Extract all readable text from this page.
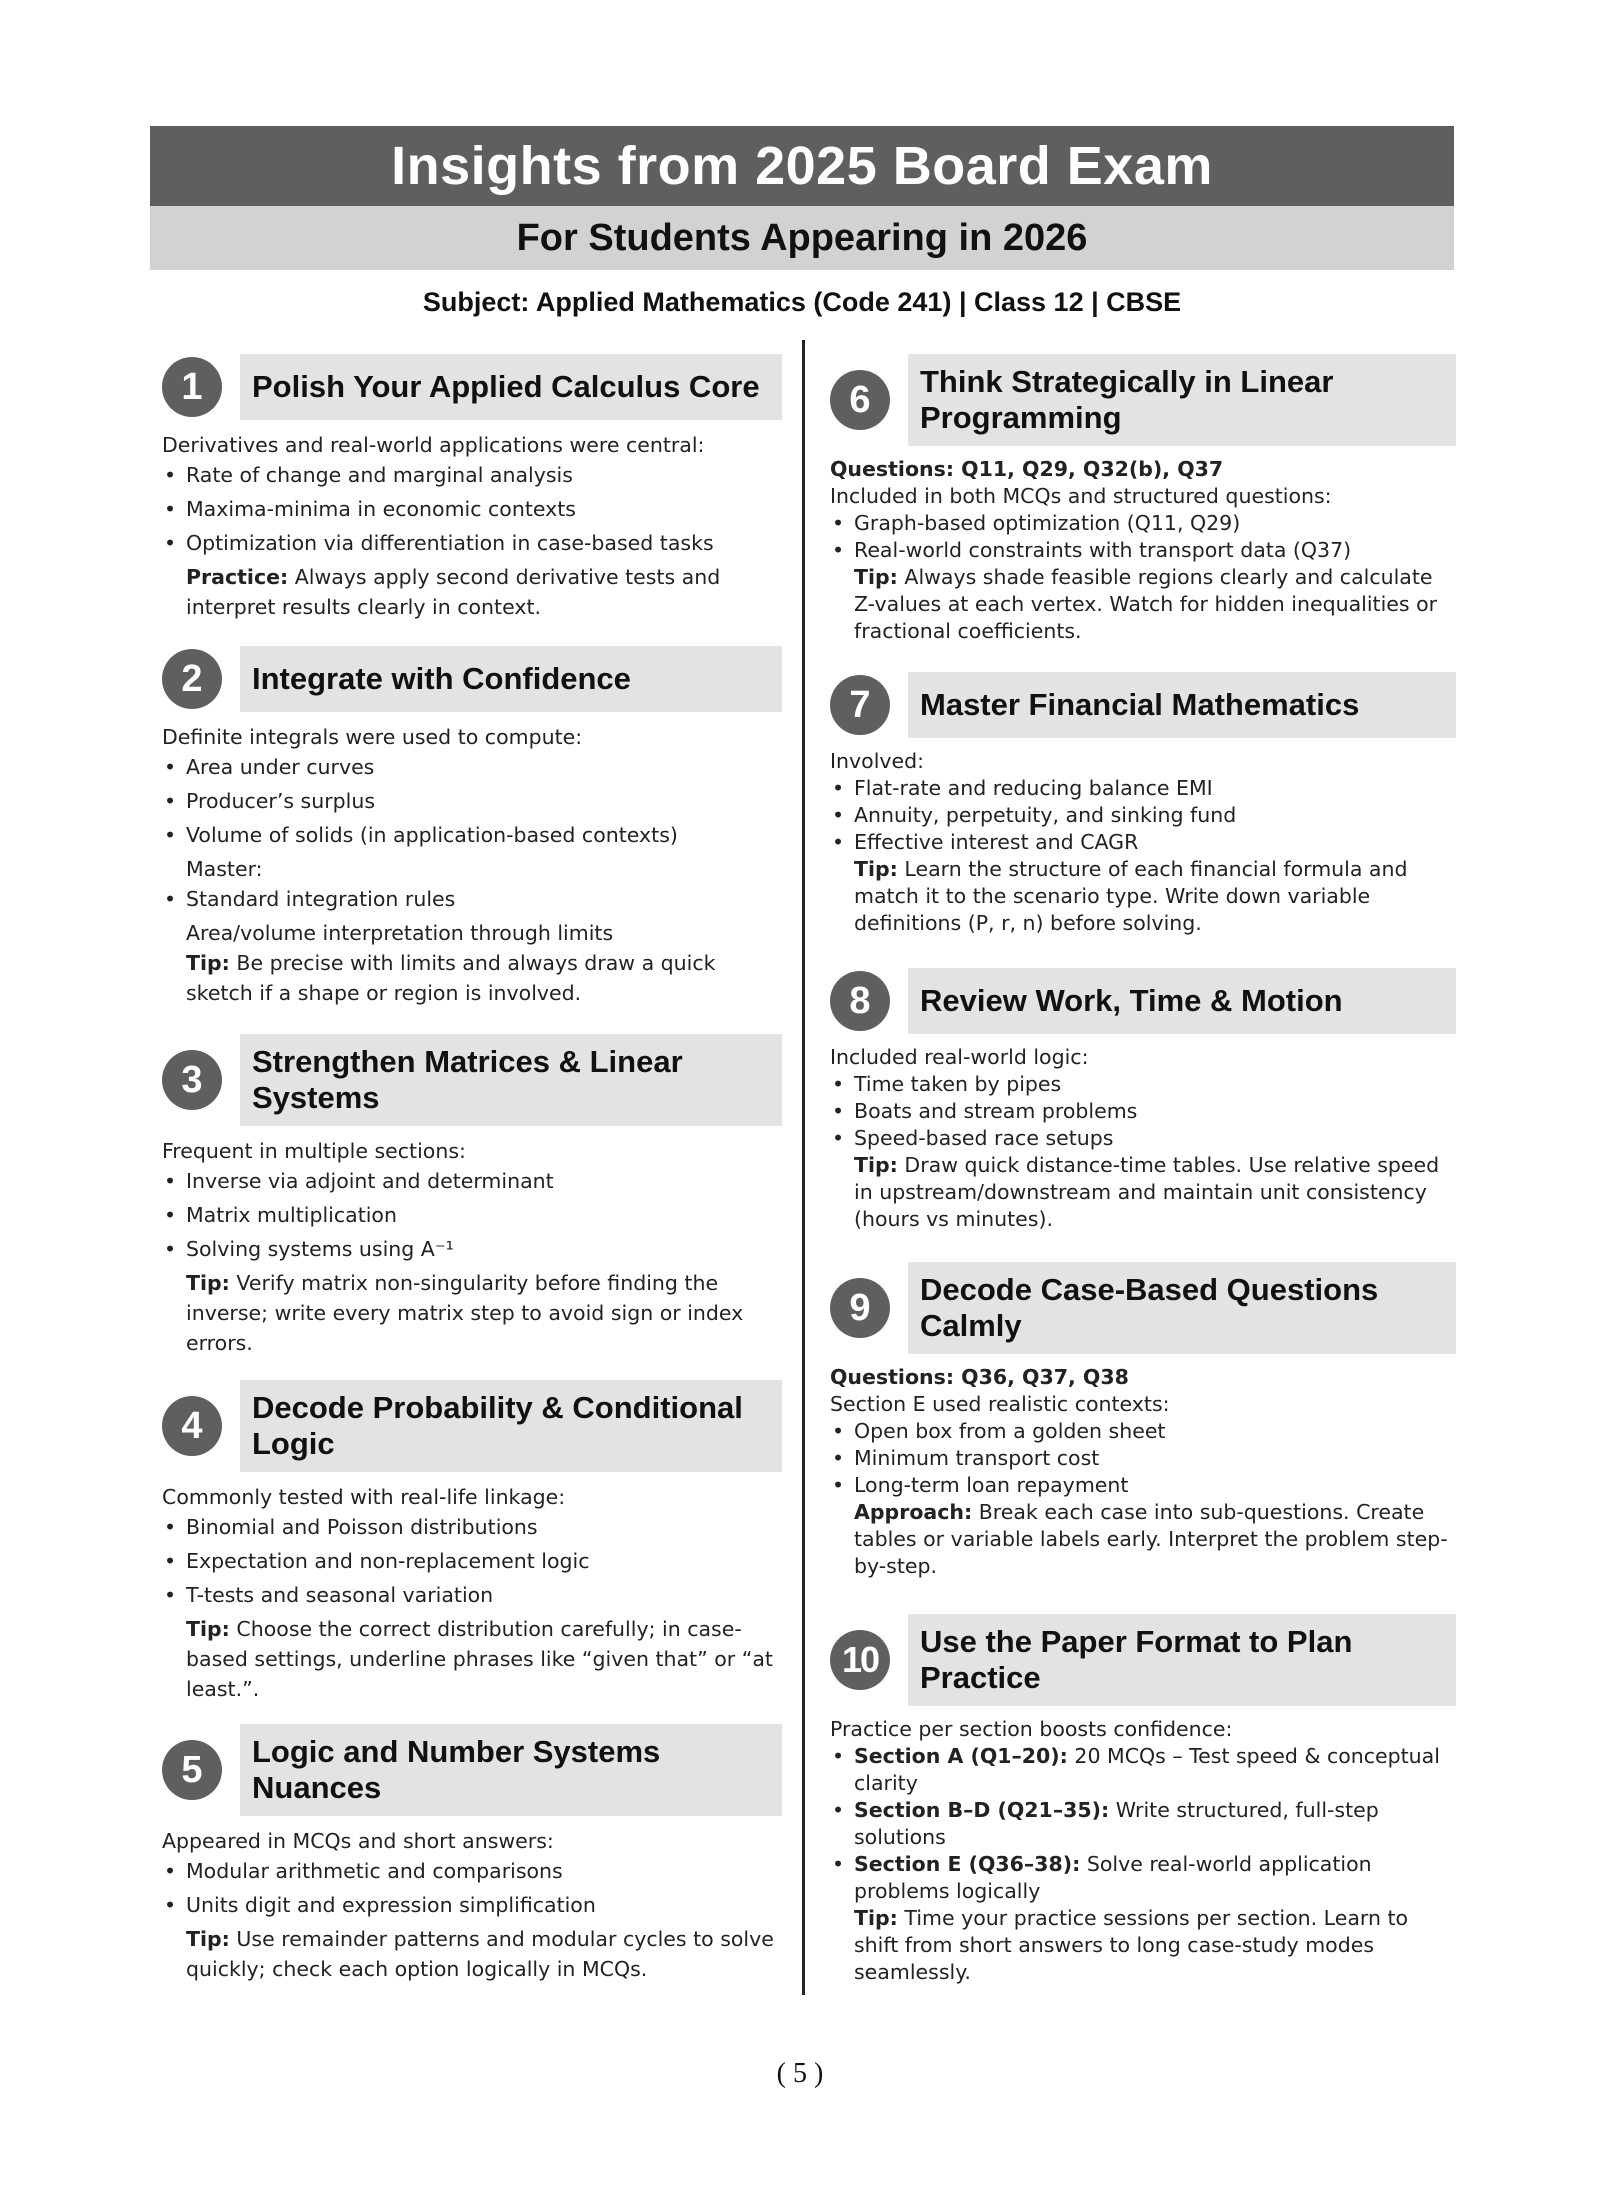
Insights from 2025 Board Exam
For Students Appearing in 2026
Subject: Applied Mathematics (Code 241) | Class 12 | CBSE
1	Polish Your Applied Calculus Core

Derivatives and real-world applications were central:

• Rate of change and marginal analysis
• Maxima-minima in economic contexts
• Optimization via differentiation in case-based tasks

Practice: Always apply second derivative tests and interpret results clearly in context.

2	Integrate with Confidence

Definite integrals were used to compute:

• Area under curves
• Producer’s surplus
• Volume of solids (in application-based contexts)

Master:

• Standard integration rules

Area/volume interpretation through limits

Tip: Be precise with limits and always draw a quick sketch if a shape or region is involved.

3	Strengthen Matrices & Linear Systems

Frequent in multiple sections:

• Inverse via adjoint and determinant
• Matrix multiplication
• Solving systems using A⁻¹

Tip: Verify matrix non-singularity before finding the inverse; write every matrix step to avoid sign or index errors.

4	Decode Probability & Conditional Logic

Commonly tested with real-life linkage:

• Binomial and Poisson distributions
• Expectation and non-replacement logic
• T-tests and seasonal variation

Tip: Choose the correct distribution carefully; in case-based settings, underline phrases like “given that” or “at least.”.

5	Logic and Number Systems Nuances

Appeared in MCQs and short answers:

• Modular arithmetic and comparisons
• Units digit and expression simplification

Tip: Use remainder patterns and modular cycles to solve quickly; check each option logically in MCQs.

6	Think Strategically in Linear Programming

Questions: Q11, Q29, Q32(b), Q37

Included in both MCQs and structured questions:

• Graph-based optimization (Q11, Q29)
• Real-world constraints with transport data (Q37)

Tip: Always shade feasible regions clearly and calculate Z-values at each vertex. Watch for hidden inequalities or fractional coefficients.

7	Master Financial Mathematics

Involved:

• Flat-rate and reducing balance EMI
• Annuity, perpetuity, and sinking fund
• Effective interest and CAGR

Tip: Learn the structure of each financial formula and match it to the scenario type. Write down variable definitions (P, r, n) before solving.

8	Review Work, Time & Motion

Included real-world logic:

• Time taken by pipes
• Boats and stream problems
• Speed-based race setups

Tip: Draw quick distance-time tables. Use relative speed in upstream/downstream and maintain unit consistency (hours vs minutes).

9	Decode Case-Based Questions Calmly

Questions: Q36, Q37, Q38

Section E used realistic contexts:

• Open box from a golden sheet
• Minimum transport cost
• Long-term loan repayment

Approach: Break each case into sub-questions. Create tables or variable labels early. Interpret the problem step-by-step.

10	Use the Paper Format to Plan Practice

Practice per section boosts confidence:

• Section A (Q1–20): 20 MCQs – Test speed & conceptual clarity
• Section B–D (Q21–35): Write structured, full-step solutions
• Section E (Q36–38): Solve real-world application problems logically

Tip: Time your practice sessions per section. Learn to shift from short answers to long case-study modes seamlessly.

( 5 )
